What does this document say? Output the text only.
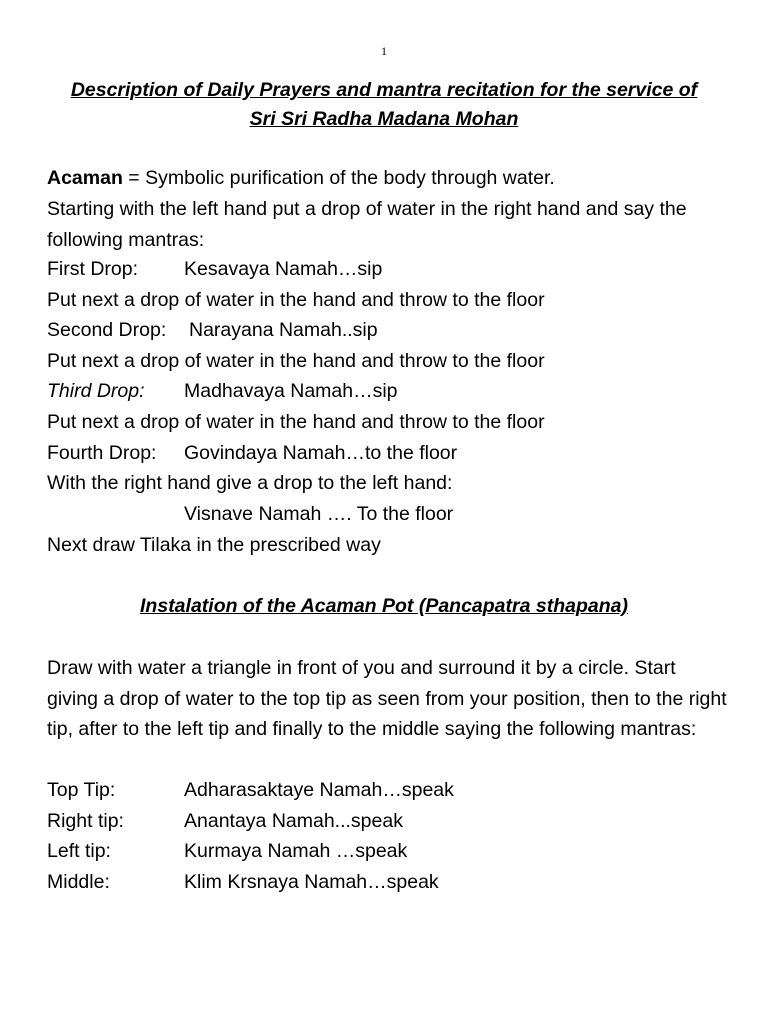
1
Description of Daily Prayers and mantra recitation for the service of
Sri Sri Radha Madana Mohan
Acaman = Symbolic purification of the body through water.
Starting with the left hand put a drop of water in the right hand and say the following mantras:
First Drop: Kesavaya Namah…sip
Put next a drop of water in the hand and throw to the floor
Second Drop: Narayana Namah..sip
Put next a drop of water in the hand and throw to the floor
Third Drop: Madhavaya Namah…sip
Put next a drop of water in the hand and throw to the floor
Fourth Drop: Govindaya Namah…to the floor
With the right hand give a drop to the left hand:
Visnave Namah …. To the floor
Next draw Tilaka in the prescribed way
Instalation of the Acaman Pot (Pancapatra sthapana)
Draw with water a triangle in front of you and surround it by a circle. Start giving a drop of water to the top tip as seen from your position, then to the right tip, after to the left tip and finally to the middle saying the following mantras:
Top Tip:	Adharasaktaye Namah…speak
Right tip:	Anantaya Namah...speak
Left tip:	Kurmaya Namah …speak
Middle:	Klim Krsnaya Namah…speak
